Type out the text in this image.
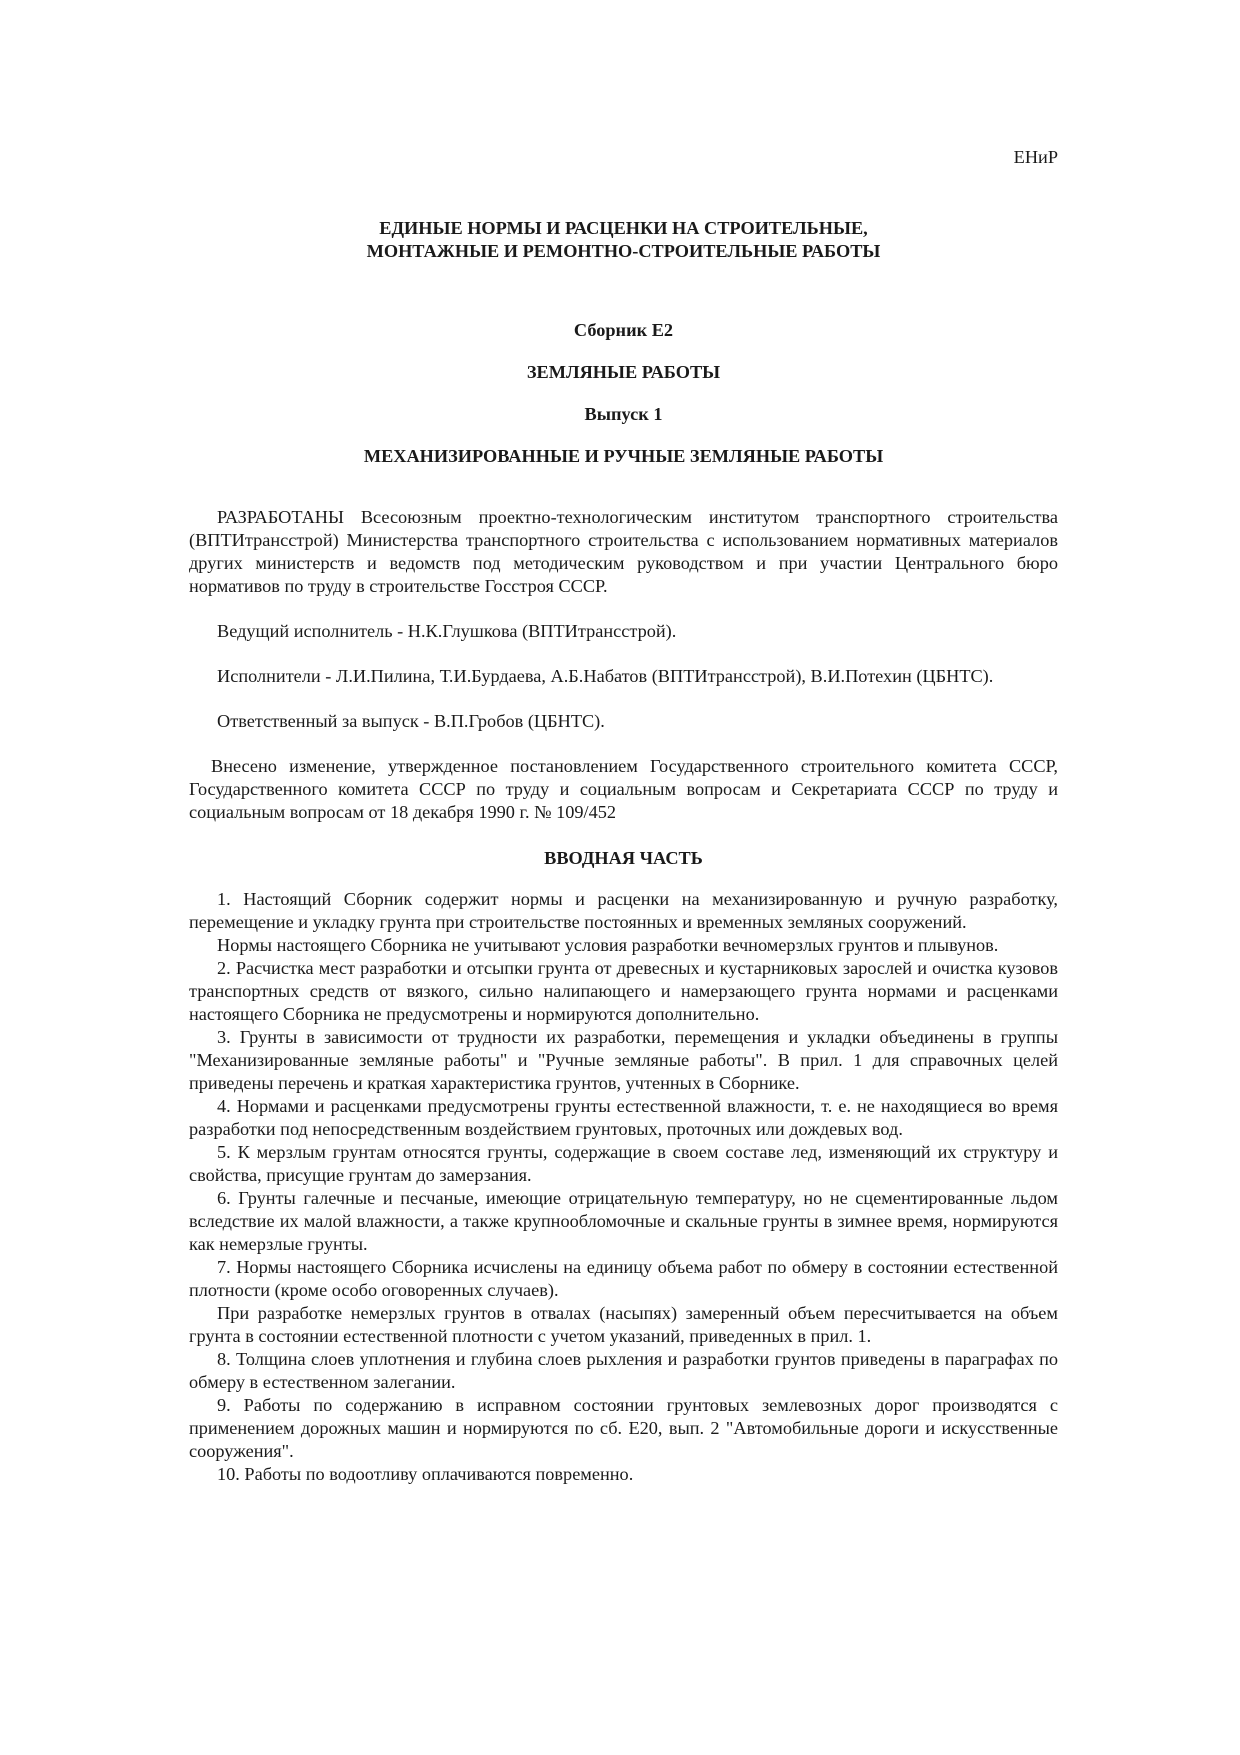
ЕНиР

ЕДИНЫЕ НОРМЫ И РАСЦЕНКИ НА СТРОИТЕЛЬНЫЕ,
МОНТАЖНЫЕ И РЕМОНТНО-СТРОИТЕЛЬНЫЕ РАБОТЫ

Сборник Е2

ЗЕМЛЯНЫЕ РАБОТЫ

Выпуск 1

МЕХАНИЗИРОВАННЫЕ И РУЧНЫЕ ЗЕМЛЯНЫЕ РАБОТЫ

РАЗРАБОТАНЫ Всесоюзным проектно-технологическим институтом транспортного строительства (ВПТИтрансстрой) Министерства транспортного строительства с использованием нормативных материалов других министерств и ведомств под методическим руководством и при участии Центрального бюро нормативов по труду в строительстве Госстроя СССР.

Ведущий исполнитель - Н.К.Глушкова (ВПТИтрансстрой).

Исполнители - Л.И.Пилина, Т.И.Бурдаева, А.Б.Набатов (ВПТИтрансстрой), В.И.Потехин (ЦБНТС).

Ответственный за выпуск - В.П.Гробов (ЦБНТС).

Внесено изменение, утвержденное постановлением Государственного строительного комитета СССР, Государственного комитета СССР по труду и социальным вопросам и Секретариата СССР по труду и социальным вопросам от 18 декабря 1990 г. № 109/452

ВВОДНАЯ ЧАСТЬ

1. Настоящий Сборник содержит нормы и расценки на механизированную и ручную разработку, перемещение и укладку грунта при строительстве постоянных и временных земляных сооружений.

Нормы настоящего Сборника не учитывают условия разработки вечномерзлых грунтов и плывунов.

2. Расчистка мест разработки и отсыпки грунта от древесных и кустарниковых зарослей и очистка кузовов транспортных средств от вязкого, сильно налипающего и намерзающего грунта нормами и расценками настоящего Сборника не предусмотрены и нормируются дополнительно.

3. Грунты в зависимости от трудности их разработки, перемещения и укладки объединены в группы "Механизированные земляные работы" и "Ручные земляные работы". В прил. 1 для справочных целей приведены перечень и краткая характеристика грунтов, учтенных в Сборнике.

4. Нормами и расценками предусмотрены грунты естественной влажности, т. е. не находящиеся во время разработки под непосредственным воздействием грунтовых, проточных или дождевых вод.

5. К мерзлым грунтам относятся грунты, содержащие в своем составе лед, изменяющий их структуру и свойства, присущие грунтам до замерзания.

6. Грунты галечные и песчаные, имеющие отрицательную температуру, но не сцементированные льдом вследствие их малой влажности, а также крупнообломочные и скальные грунты в зимнее время, нормируются как немерзлые грунты.

7. Нормы настоящего Сборника исчислены на единицу объема работ по обмеру в состоянии естественной плотности (кроме особо оговоренных случаев).

При разработке немерзлых грунтов в отвалах (насыпях) замеренный объем пересчитывается на объем грунта в состоянии естественной плотности с учетом указаний, приведенных в прил. 1.

8. Толщина слоев уплотнения и глубина слоев рыхления и разработки грунтов приведены в параграфах по обмеру в естественном залегании.

9. Работы по содержанию в исправном состоянии грунтовых землевозных дорог производятся с применением дорожных машин и нормируются по сб. Е20, вып. 2 "Автомобильные дороги и искусственные сооружения".

10. Работы по водоотливу оплачиваются повременно.
